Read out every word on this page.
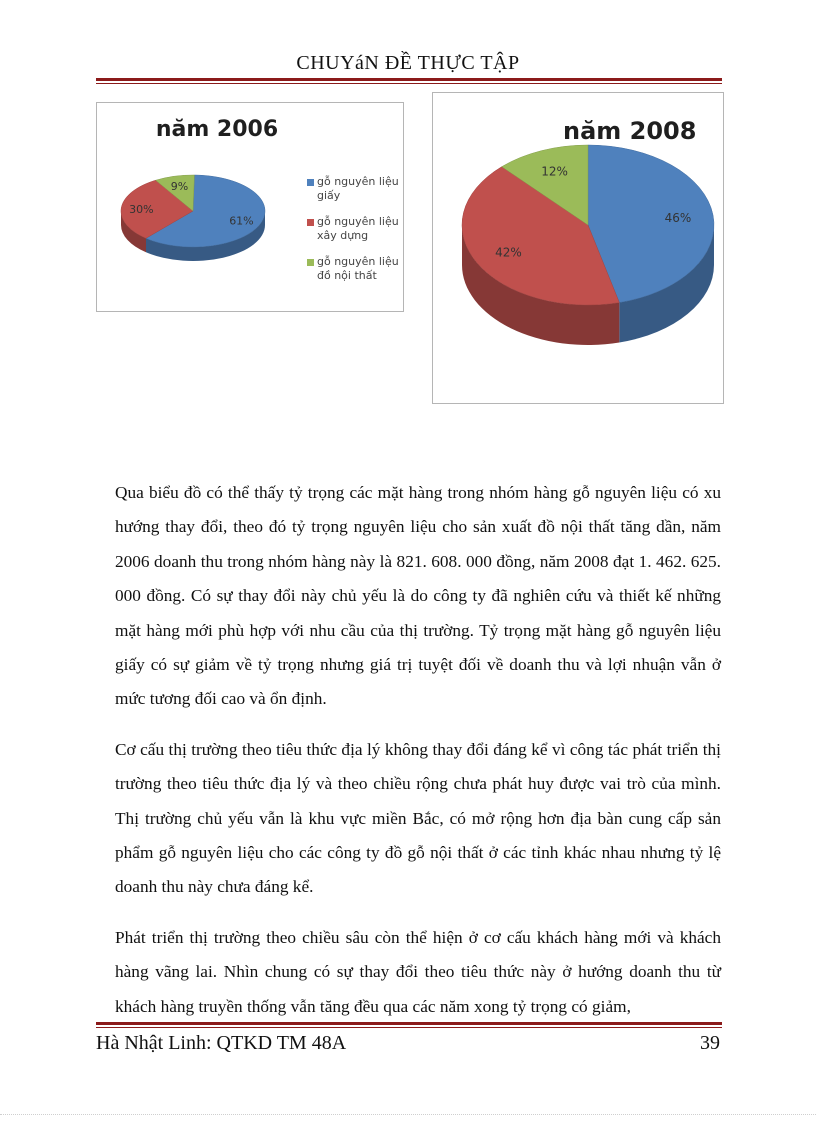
CHUYáN ĐỀ THỰC TẬP
năm 2006
61%
30%
9%	gỗ nguyên liệu giấy
gỗ nguyên liệu xây dựng
gỗ nguyên liệu đồ nội thất
năm 2008
46%
42%
12%

Qua biểu đồ có thể thấy tỷ trọng các mặt hàng trong nhóm hàng gỗ nguyên liệu có xu hướng thay đổi, theo đó tỷ trọng nguyên liệu cho sản xuất đồ nội thất tăng dần, năm 2006 doanh thu trong nhóm hàng này là 821. 608. 000 đồng, năm 2008 đạt 1. 462. 625. 000 đồng. Có sự thay đổi này chủ yếu là do công ty đã nghiên cứu và thiết kế những mặt hàng mới phù hợp với nhu cầu của thị trường. Tỷ trọng mặt hàng gỗ nguyên liệu giấy có sự giảm về tỷ trọng nhưng giá trị tuyệt đối về doanh thu và lợi nhuận vẫn ở mức tương đối cao và ổn định.

Cơ cấu thị trường theo tiêu thức địa lý không thay đổi đáng kể vì công tác phát triển thị trường theo tiêu thức địa lý và theo chiều rộng chưa phát huy được vai trò của mình. Thị trường chủ yếu vẫn là khu vực miền Bắc, có mở rộng hơn địa bàn cung cấp sản phẩm gỗ nguyên liệu cho các công ty đồ gỗ nội thất ở các tỉnh khác nhau nhưng tỷ lệ doanh thu này chưa đáng kể.

Phát triển thị trường theo chiều sâu còn thể hiện ở cơ cấu khách hàng mới và khách hàng vãng lai. Nhìn chung có sự thay đổi theo tiêu thức này ở hướng doanh thu từ khách hàng truyền thống vẫn tăng đều qua các năm xong tỷ trọng có giảm,

Hà Nhật Linh: QTKD TM 48A	39
